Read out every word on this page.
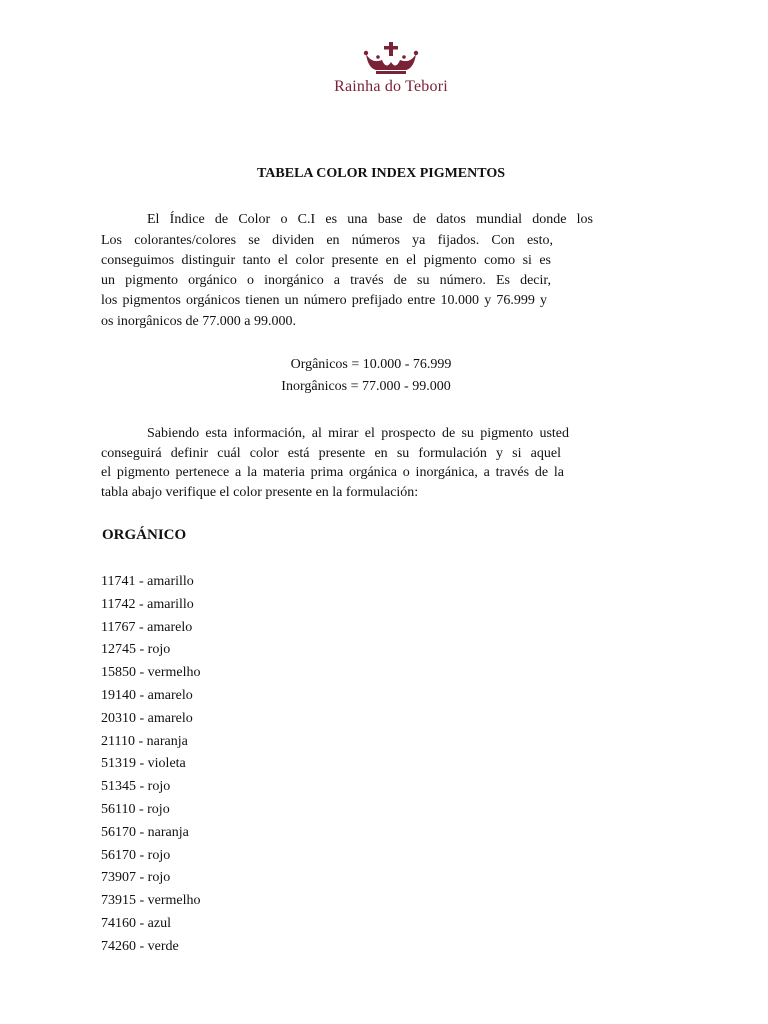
Rainha do Tebori
TABELA COLOR INDEX PIGMENTOS
El Índice de Color o C.I es una base de datos mundial donde los
Los colorantes/colores se dividen en números ya fijados. Con esto,
conseguimos distinguir tanto el color presente en el pigmento como si es
un pigmento orgánico o inorgánico a través de su número. Es decir,
los pigmentos orgánicos tienen un número prefijado entre 10.000 y 76.999 y
os inorgânicos de 77.000 a 99.000.
Orgânicos = 10.000 - 76.999
Inorgânicos = 77.000 - 99.000
Sabiendo esta información, al mirar el prospecto de su pigmento usted
conseguirá definir cuál color está presente en su formulación y si aquel
el pigmento pertenece a la materia prima orgánica o inorgánica, a través de la
tabla abajo verifique el color presente en la formulación:
ORGÁNICO
11741 - amarillo
11742 - amarillo
11767 - amarelo
12745 - rojo
15850 - vermelho
19140 - amarelo
20310 - amarelo
21110 - naranja
51319 - violeta
51345 - rojo
56110 - rojo
56170 - naranja
56170 - rojo
73907 - rojo
73915 - vermelho
74160 - azul
74260 - verde
